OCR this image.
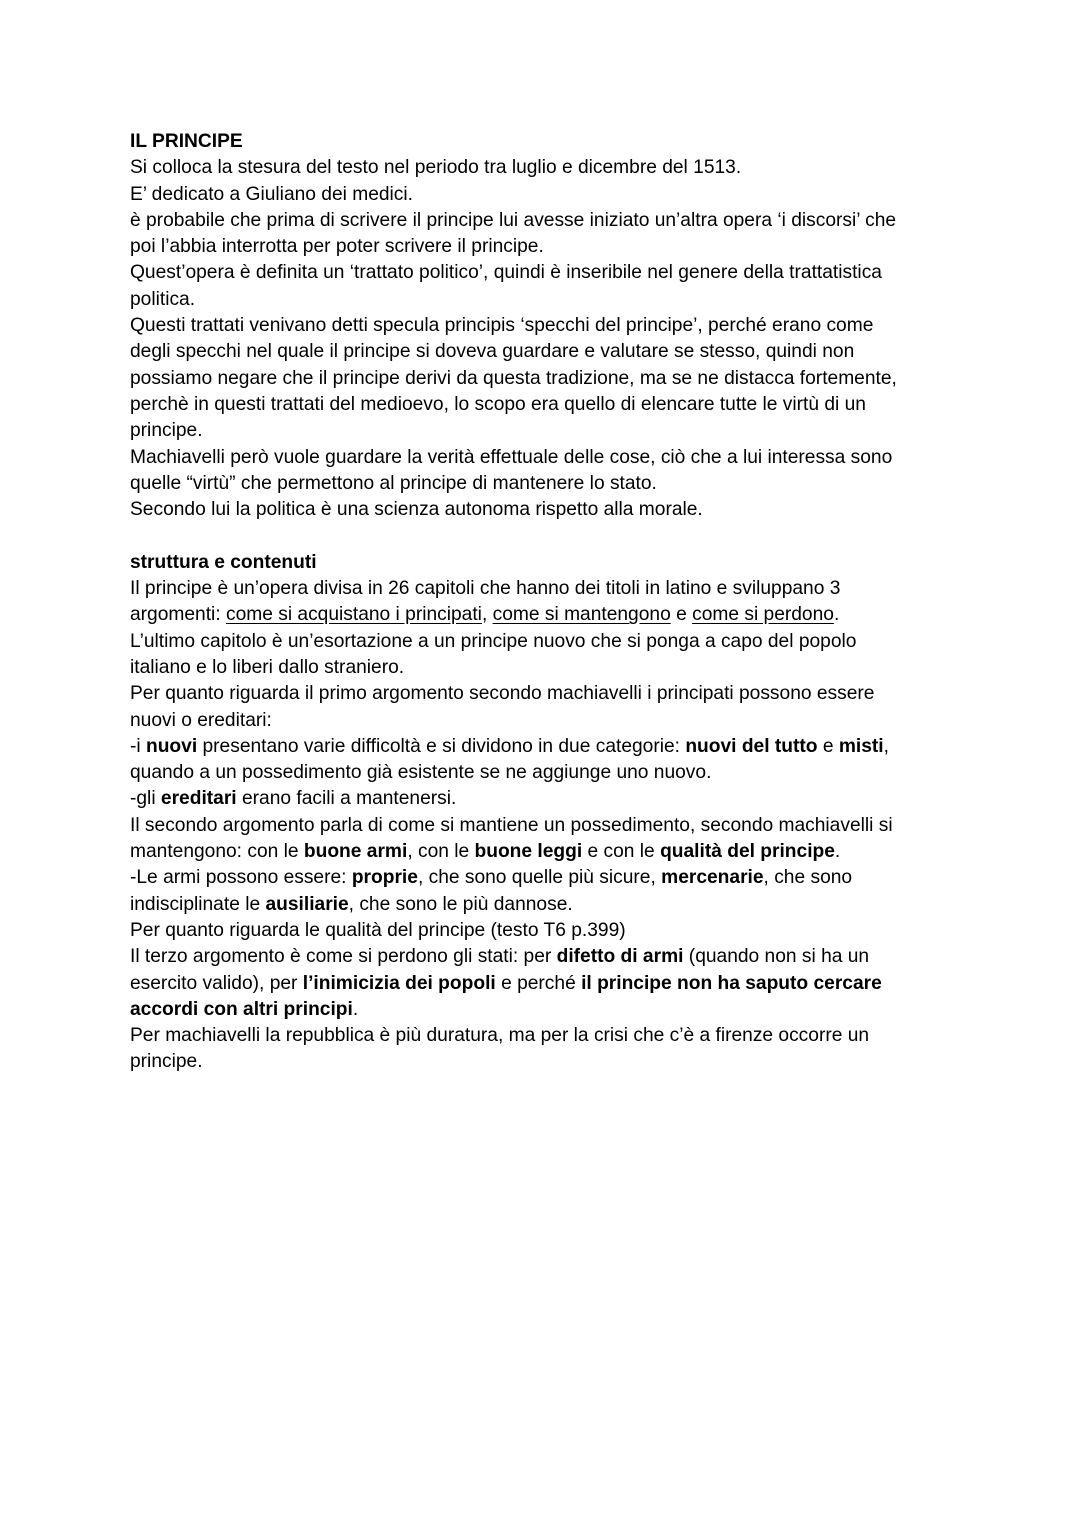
IL PRINCIPE
Si colloca la stesura del testo nel periodo tra luglio e dicembre del 1513.
E’ dedicato a Giuliano dei medici.
è probabile che prima di scrivere il principe lui avesse iniziato un’altra opera ‘i discorsi’ che
poi l’abbia interrotta per poter scrivere il principe.
Quest’opera è definita un ‘trattato politico’, quindi è inseribile nel genere della trattatistica
politica.
Questi trattati venivano detti specula principis ‘specchi del principe’, perché erano come
degli specchi nel quale il principe si doveva guardare e valutare se stesso, quindi non
possiamo negare che il principe derivi da questa tradizione, ma se ne distacca fortemente,
perchè in questi trattati del medioevo, lo scopo era quello di elencare tutte le virtù di un
principe.
Machiavelli però vuole guardare la verità effettuale delle cose, ciò che a lui interessa sono
quelle “virtù” che permettono al principe di mantenere lo stato.
Secondo lui la politica è una scienza autonoma rispetto alla morale.
struttura e contenuti
Il principe è un’opera divisa in 26 capitoli che hanno dei titoli in latino e sviluppano 3
argomenti: come si acquistano i principati, come si mantengono e come si perdono.
L’ultimo capitolo è un’esortazione a un principe nuovo che si ponga a capo del popolo
italiano e lo liberi dallo straniero.
Per quanto riguarda il primo argomento secondo machiavelli i principati possono essere
nuovi o ereditari:
-i nuovi presentano varie difficoltà e si dividono in due categorie: nuovi del tutto e misti,
quando a un possedimento già esistente se ne aggiunge uno nuovo.
-gli ereditari erano facili a mantenersi.
Il secondo argomento parla di come si mantiene un possedimento, secondo machiavelli si
mantengono: con le buone armi, con le buone leggi e con le qualità del principe.
-Le armi possono essere: proprie, che sono quelle più sicure, mercenarie, che sono
indisciplinate le ausiliarie, che sono le più dannose.
Per quanto riguarda le qualità del principe (testo T6 p.399)
Il terzo argomento è come si perdono gli stati: per difetto di armi (quando non si ha un
esercito valido), per l’inimicizia dei popoli e perché il principe non ha saputo cercare
accordi con altri principi.
Per machiavelli la repubblica è più duratura, ma per la crisi che c’è a firenze occorre un
principe.
